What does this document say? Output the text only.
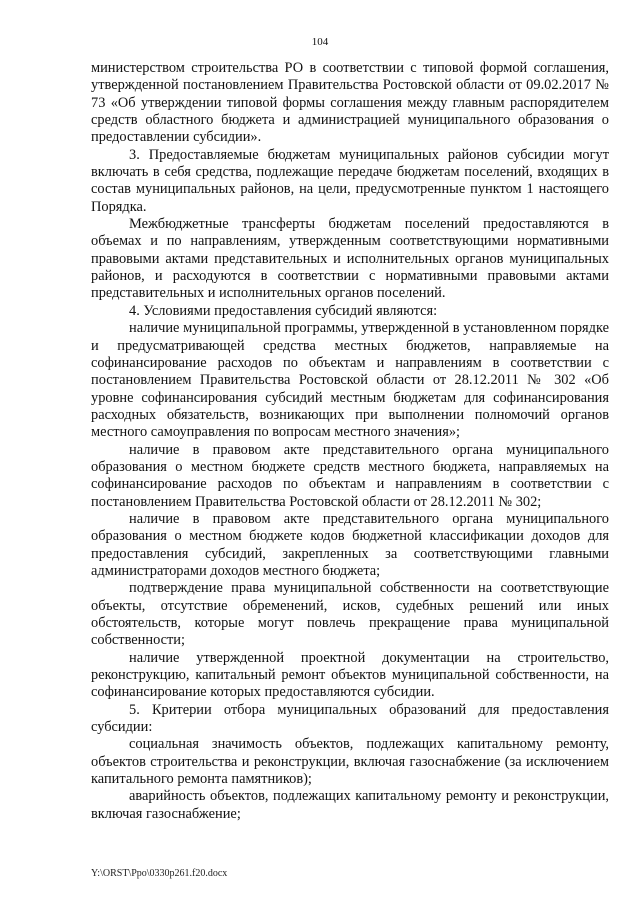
104

министерством строительства РО в соответствии с типовой формой соглашения, утвержденной постановлением Правительства Ростовской области от 09.02.2017 № 73 «Об утверждении типовой формы соглашения между главным распорядителем средств областного бюджета и администрацией муниципального образования о предоставлении субсидии».

3. Предоставляемые бюджетам муниципальных районов субсидии могут включать в себя средства, подлежащие передаче бюджетам поселений, входящих в состав муниципальных районов, на цели, предусмотренные пунктом 1 настоящего Порядка.

Межбюджетные трансферты бюджетам поселений предоставляются в объемах и по направлениям, утвержденным соответствующими нормативными правовыми актами представительных и исполнительных органов муниципальных районов, и расходуются в соответствии с нормативными правовыми актами представительных и исполнительных органов поселений.

4. Условиями предоставления субсидий являются:

наличие муниципальной программы, утвержденной в установленном порядке и предусматривающей средства местных бюджетов, направляемые на софинансирование расходов по объектам и направлениям в соответствии с постановлением Правительства Ростовской области от 28.12.2011 № 302 «Об уровне софинансирования субсидий местным бюджетам для софинансирования расходных обязательств, возникающих при выполнении полномочий органов местного самоуправления по вопросам местного значения»;

наличие в правовом акте представительного органа муниципального образования о местном бюджете средств местного бюджета, направляемых на софинансирование расходов по объектам и направлениям в соответствии с постановлением Правительства Ростовской области от 28.12.2011 № 302;

наличие в правовом акте представительного органа муниципального образования о местном бюджете кодов бюджетной классификации доходов для предоставления субсидий, закрепленных за соответствующими главными администраторами доходов местного бюджета;

подтверждение права муниципальной собственности на соответствующие объекты, отсутствие обременений, исков, судебных решений или иных обстоятельств, которые могут повлечь прекращение права муниципальной собственности;

наличие утвержденной проектной документации на строительство, реконструкцию, капитальный ремонт объектов муниципальной собственности, на софинансирование которых предоставляются субсидии.

5. Критерии отбора муниципальных образований для предоставления субсидии:

социальная значимость объектов, подлежащих капитальному ремонту, объектов строительства и реконструкции, включая газоснабжение (за исключением капитального ремонта памятников);

аварийность объектов, подлежащих капитальному ремонту и реконструкции, включая газоснабжение;

Y:\ORST\Ppo\0330p261.f20.docx
